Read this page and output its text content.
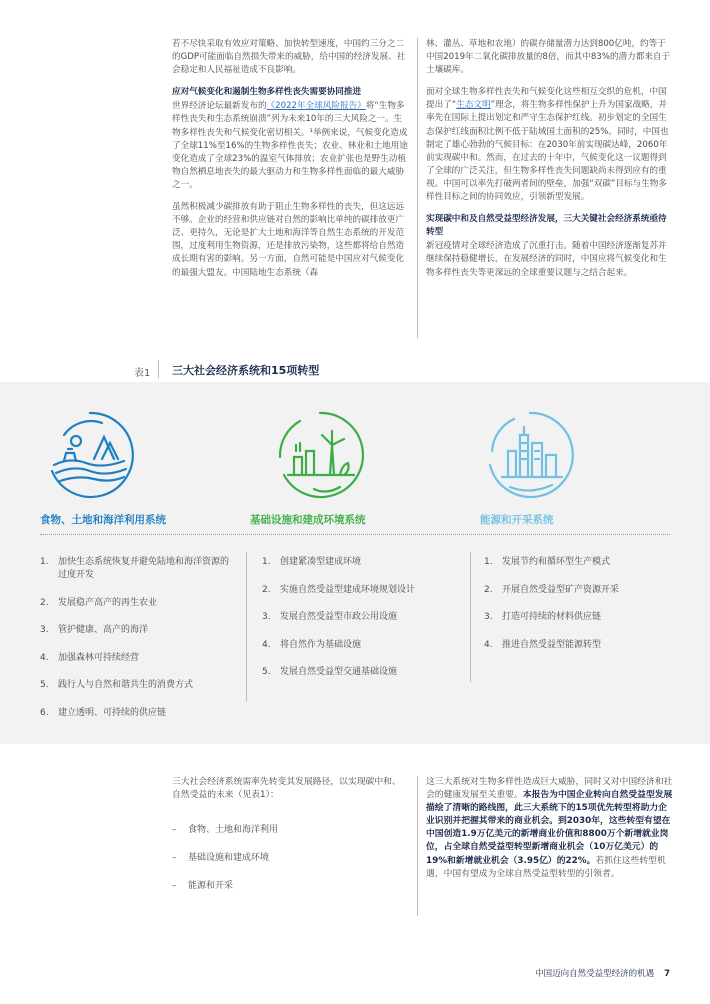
若不尽快采取有效应对策略、加快转型速度，中国约三分之二的GDP可能面临自然损失带来的威胁，给中国的经济发展、社会稳定和人民福祉造成不良影响。

应对气候变化和遏制生物多样性丧失需要协同推进

世界经济论坛最新发布的《2022年全球风险报告》将“生物多样性丧失和生态系统崩溃”列为未来10年的三大风险之一。生物多样性丧失和气候变化密切相关。¹举例来说，气候变化造成了全球11%至16%的生物多样性丧失；农业、林业和土地用途变化造成了全球23%的温室气体排放；农业扩张也是野生动植物自然栖息地丧失的最大驱动力和生物多样性面临的最大威胁之一。

虽然积极减少碳排放有助于阻止生物多样性的丧失，但这远远不够。企业的经营和供应链对自然的影响比单纯的碳排放更广泛、更持久，无论是扩大土地和海洋等自然生态系统的开发范围，过度利用生物资源，还是排放污染物，这些都将给自然造成长期有害的影响。另一方面，自然可能是中国应对气候变化的最强大盟友。中国陆地生态系统（森

林、灌丛、草地和农地）的碳存储量潜力达到800亿吨，约等于中国2019年二氧化碳排放量的8倍，而其中83%的潜力都来自于土壤碳库。

面对全球生物多样性丧失和气候变化这些相互交织的危机，中国提出了“生态文明”理念，将生物多样性保护上升为国家战略，并率先在国际上提出划定和严守生态保护红线。初步划定的全国生态保护红线面积比例不低于陆域国土面积的25%。同时，中国也制定了雄心勃勃的气候目标：在2030年前实现碳达峰，2060年前实现碳中和。然而，在过去的十年中，气候变化这一议题得到了全球的广泛关注，但生物多样性丧失问题缺尚未得到应有的重视。中国可以率先打破两者间的壁垒，加强“双碳”目标与生物多样性目标之间的协同效应，引领新型发展。

实现碳中和及自然受益型经济发展，三大关键社会经济系统亟待转型

新冠疫情对全球经济造成了沉重打击。随着中国经济逐渐复苏并继续保持稳健增长，在发展经济的同时，中国应将气候变化和生物多样性丧失等更深远的全球重要议题与之结合起来。

表1 三大社会经济系统和15项转型
食物、土地和海洋利用系统	基础设施和建成环境系统	能源和开采系统
1. 加快生态系统恢复并避免陆地和海洋资源的过度开发
2. 发展稳产高产的再生农业
3. 管护健康、高产的海洋
4. 加强森林可持续经营
5. 践行人与自然和谐共生的消费方式
6. 建立透明、可持续的供应链
1. 创建紧凑型建成环境
2. 实施自然受益型建成环境规划设计
3. 发展自然受益型市政公用设施
4. 将自然作为基础设施
5. 发展自然受益型交通基础设施
1. 发展节约和循环型生产模式
2. 开展自然受益型矿产资源开采
3. 打造可持续的材料供应链
4. 推进自然受益型能源转型

三大社会经济系统需率先转变其发展路径，以实现碳中和、自然受益的未来（见表1）：

–    食物、土地和海洋利用
–    基础设施和建成环境
–    能源和开采

这三大系统对生物多样性造成巨大威胁，同时又对中国经济和社会的健康发展至关重要。本报告为中国企业转向自然受益型发展描绘了清晰的路线图，此三大系统下的15项优先转型将助力企业识别并把握其带来的商业机会。到2030年，这些转型有望在中国创造1.9万亿美元的新增商业价值和8800万个新增就业岗位，占全球自然受益型转型新增商业机会（10万亿美元）的19%和新增就业机会（3.95亿）的22%。若抓住这些转型机遇，中国有望成为全球自然受益型转型的引领者。

中国迈向自然受益型经济的机遇 7
